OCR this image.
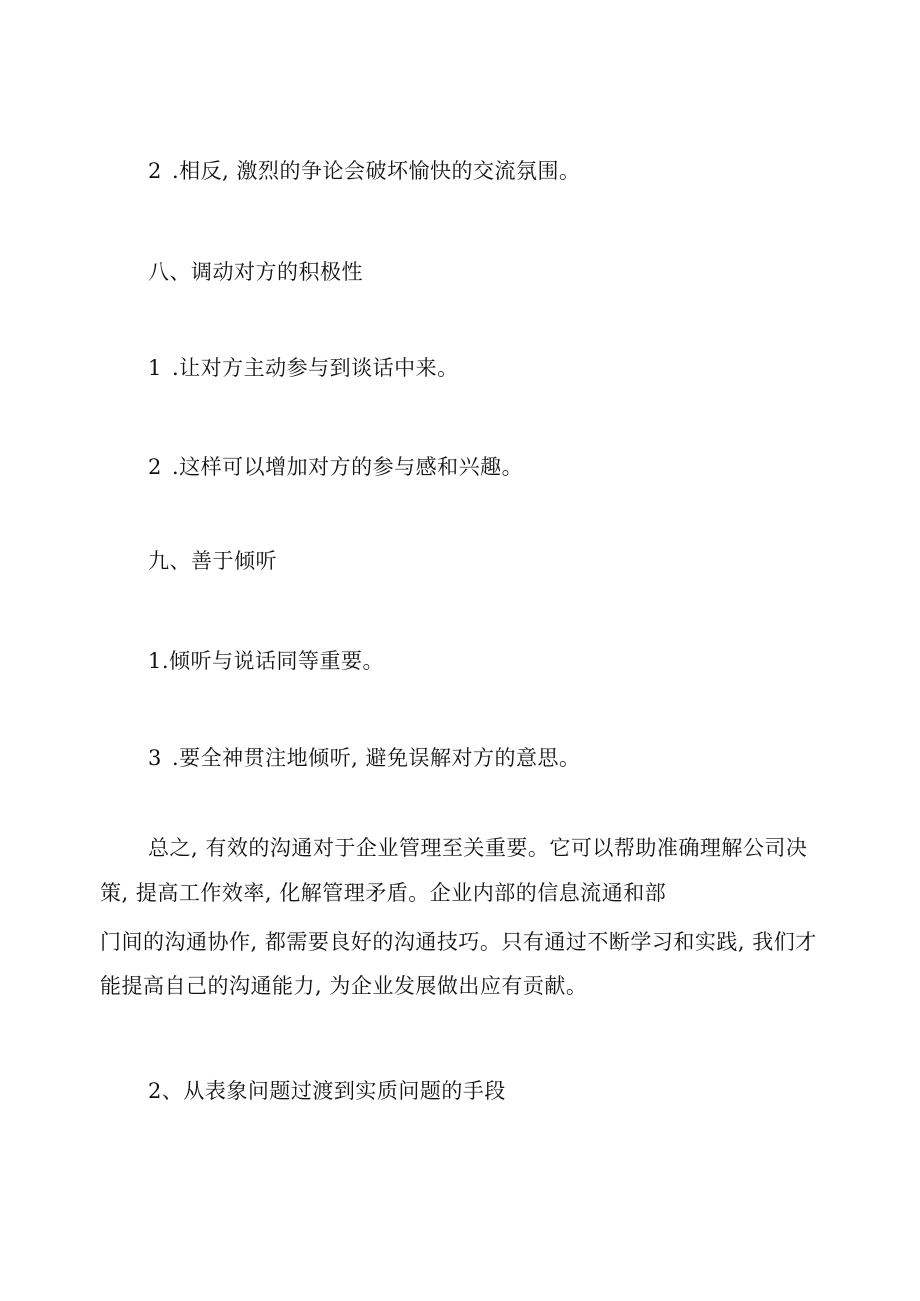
2 .相反, 激烈的争论会破坏愉快的交流氛围。
八、调动对方的积极性
1 .让对方主动参与到谈话中来。
2 .这样可以增加对方的参与感和兴趣。
九、善于倾听
1.倾听与说话同等重要。
3 .要全神贯注地倾听, 避免误解对方的意思。
总之, 有效的沟通对于企业管理至关重要。它可以帮助准确理解公司决
策, 提高工作效率, 化解管理矛盾。企业内部的信息流通和部
门间的沟通协作, 都需要良好的沟通技巧。只有通过不断学习和实践, 我们才
能提高自己的沟通能力, 为企业发展做出应有贡献。
2、从表象问题过渡到实质问题的手段
